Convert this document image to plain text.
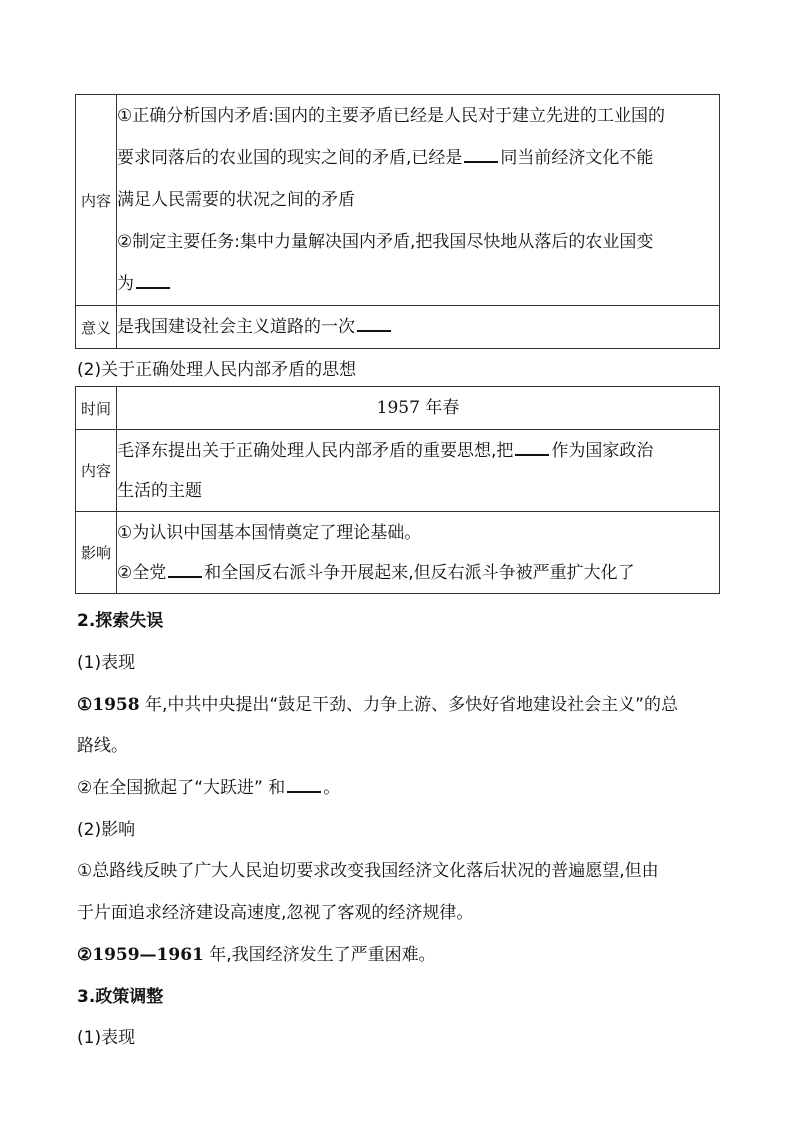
内容	①正确分析国内矛盾:国内的主要矛盾已经是人民对于建立先进的工业国的
要求同落后的农业国的现实之间的矛盾,已经是 同当前经济文化不能
满足人民需要的状况之间的矛盾
②制定主要任务:集中力量解决国内矛盾,把我国尽快地从落后的农业国变
为

意义	是我国建设社会主义道路的一次
(2)关于正确处理人民内部矛盾的思想
时间	1957 年春
内容	毛泽东提出关于正确处理人民内部矛盾的重要思想,把 作为国家政治
生活的主题

影响	①为认识中国基本国情奠定了理论基础。
②全党 和全国反右派斗争开展起来,但反右派斗争被严重扩大化了
2.探索失误
(1)表现
①1958 年,中共中央提出“鼓足干劲、力争上游、多快好省地建设社会主义”的总
路线。
②在全国掀起了“大跃进” 和 。
(2)影响
①总路线反映了广大人民迫切要求改变我国经济文化落后状况的普遍愿望,但由
于片面追求经济建设高速度,忽视了客观的经济规律。
②1959—1961 年,我国经济发生了严重困难。
3.政策调整
(1)表现
